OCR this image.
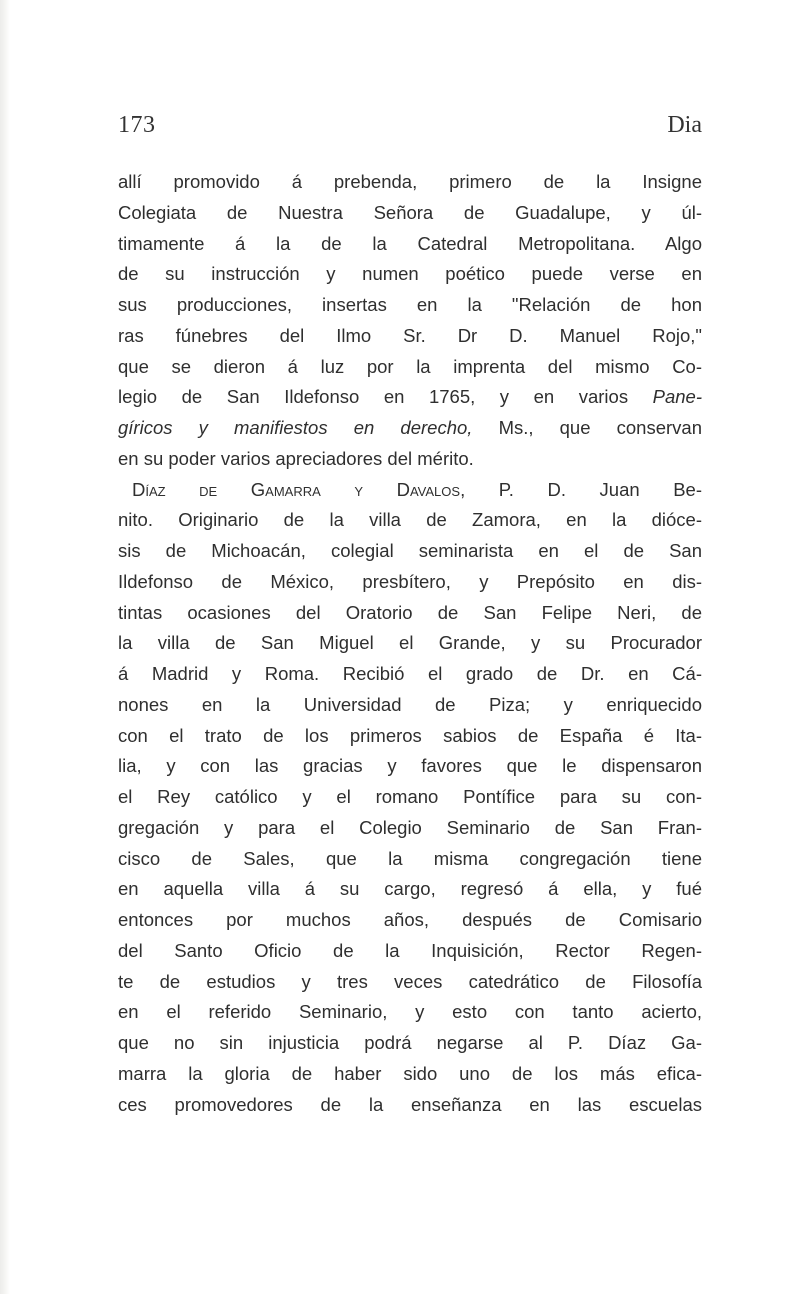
173	Dia
allí promovido á prebenda, primero de la Insigne
Colegiata de Nuestra Señora de Guadalupe, y úl-
timamente á la de la Catedral Metropolitana. Algo
de su instrucción y numen poético puede verse en
sus producciones, insertas en la "Relación de hon
ras fúnebres del Ilmo Sr. Dr D. Manuel Rojo,"
que se dieron á luz por la imprenta del mismo Co-
legio de San Ildefonso en 1765, y en varios Pane-
gíricos y manifiestos en derecho, Ms., que conservan
en su poder varios apreciadores del mérito.
Díaz de Gamarra y Davalos, P. D. Juan Be-
nito. Originario de la villa de Zamora, en la dióce-
sis de Michoacán, colegial seminarista en el de San
Ildefonso de México, presbítero, y Prepósito en dis-
tintas ocasiones del Oratorio de San Felipe Neri, de
la villa de San Miguel el Grande, y su Procurador
á Madrid y Roma. Recibió el grado de Dr. en Cá-
nones en la Universidad de Piza; y enriquecido
con el trato de los primeros sabios de España é Ita-
lia, y con las gracias y favores que le dispensaron
el Rey católico y el romano Pontífice para su con-
gregación y para el Colegio Seminario de San Fran-
cisco de Sales, que la misma congregación tiene
en aquella villa á su cargo, regresó á ella, y fué
entonces por muchos años, después de Comisario
del Santo Oficio de la Inquisición, Rector Regen-
te de estudios y tres veces catedrático de Filosofía
en el referido Seminario, y esto con tanto acierto,
que no sin injusticia podrá negarse al P. Díaz Ga-
marra la gloria de haber sido uno de los más efica-
ces promovedores de la enseñanza en las escuelas
